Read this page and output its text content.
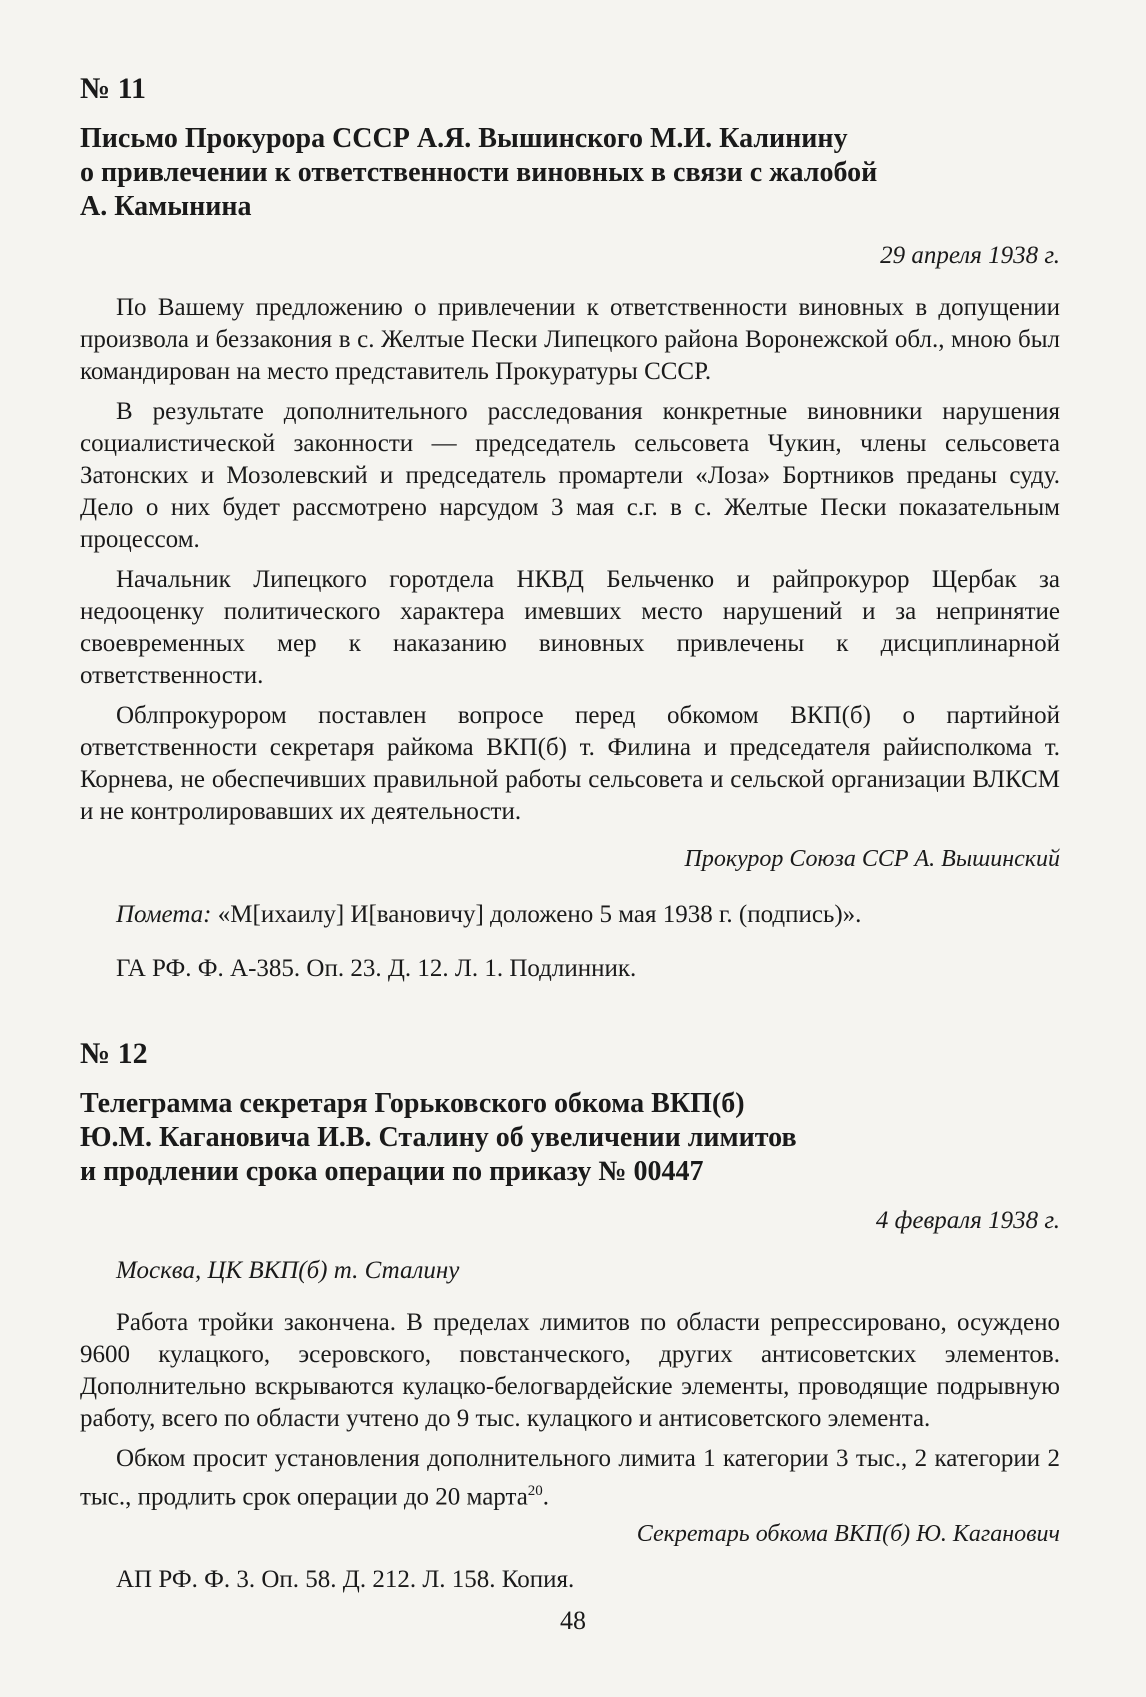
№ 11
Письмо Прокурора СССР А.Я. Вышинского М.И. Калинину
о привлечении к ответственности виновных в связи с жалобой
А. Камынина
29 апреля 1938 г.

По Вашему предложению о привлечении к ответственности виновных в допущении произвола и беззакония в с. Желтые Пески Липецкого района Воронежской обл., мною был командирован на место представитель Прокуратуры СССР.

В результате дополнительного расследования конкретные виновники нарушения социалистической законности — председатель сельсовета Чукин, члены сельсовета Затонских и Мозолевский и председатель промартели «Лоза» Бортников преданы суду. Дело о них будет рассмотрено нарсудом 3 мая с.г. в с. Желтые Пески показательным процессом.

Начальник Липецкого горотдела НКВД Бельченко и райпрокурор Щербак за недооценку политического характера имевших место нарушений и за непринятие своевременных мер к наказанию виновных привлечены к дисциплинарной ответственности.

Облпрокурором поставлен вопросе перед обкомом ВКП(б) о партийной ответственности секретаря райкома ВКП(б) т. Филина и председателя райисполкома т. Корнева, не обеспечивших правильной работы сельсовета и сельской организации ВЛКСМ и не контролировавших их деятельности.

Прокурор Союза ССР А. Вышинский

Помета: «М[ихаилу] И[вановичу] доложено 5 мая 1938 г. (подпись)».

ГА РФ. Ф. А-385. Оп. 23. Д. 12. Л. 1. Подлинник.

№ 12
Телеграмма секретаря Горьковского обкома ВКП(б)
Ю.М. Кагановича И.В. Сталину об увеличении лимитов
и продлении срока операции по приказу № 00447
4 февраля 1938 г.
Москва, ЦК ВКП(б) т. Сталину

Работа тройки закончена. В пределах лимитов по области репрессировано, осуждено 9600 кулацкого, эсеровского, повстанческого, других антисоветских элементов. Дополнительно вскрываются кулацко-белогвардейские элементы, проводящие подрывную работу, всего по области учтено до 9 тыс. кулацкого и антисоветского элемента.

Обком просит установления дополнительного лимита 1 категории 3 тыс., 2 категории 2 тыс., продлить срок операции до 20 марта$^{20}$.

Секретарь обкома ВКП(б) Ю. Каганович

АП РФ. Ф. 3. Оп. 58. Д. 212. Л. 158. Копия.

48
